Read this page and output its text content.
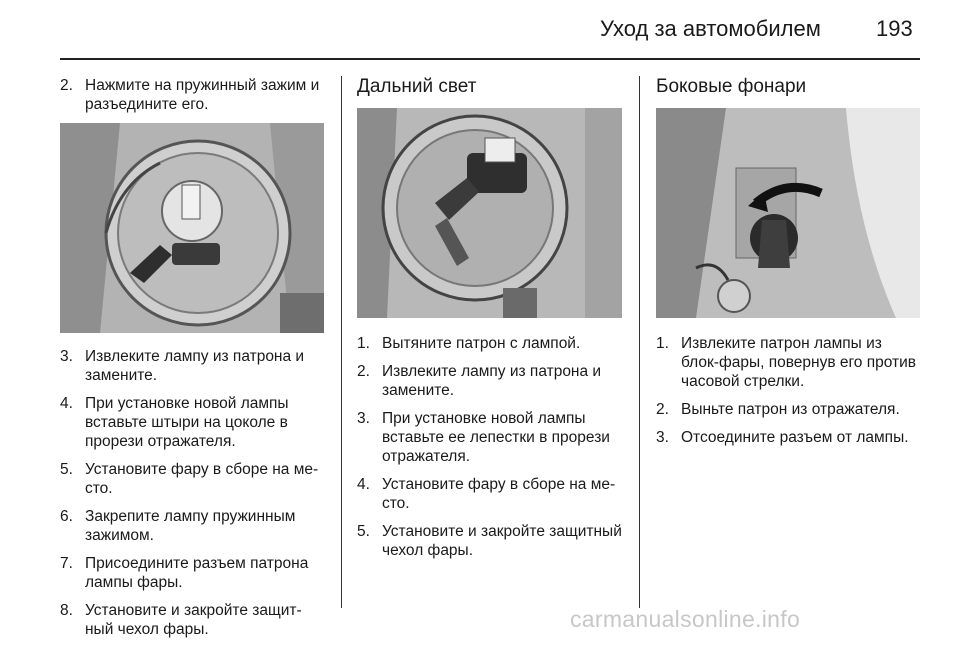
Уход за автомобилем	193
2. Нажмите на пружинный зажим и разъедините его.
3. Извлеките лампу из патрона и замените.
4. При установке новой лампы вставьте штыри на цоколе в прорези отражателя.
5. Установите фару в сборе на место.
6. Закрепите лампу пружинным зажимом.
7. Присоедините разъем патрона лампы фары.
8. Установите и закройте защитный чехол фары.
Дальний свет
1. Вытяните патрон с лампой.
2. Извлеките лампу из патрона и замените.
3. При установке новой лампы вставьте ее лепестки в прорези отражателя.
4. Установите фару в сборе на место.
5. Установите и закройте защитный чехол фары.
Боковые фонари
1. Извлеките патрон лампы из блок-фары, повернув его против часовой стрелки.
2. Выньте патрон из отражателя.
3. Отсоедините разъем от лампы.
carmanualsonline.info
